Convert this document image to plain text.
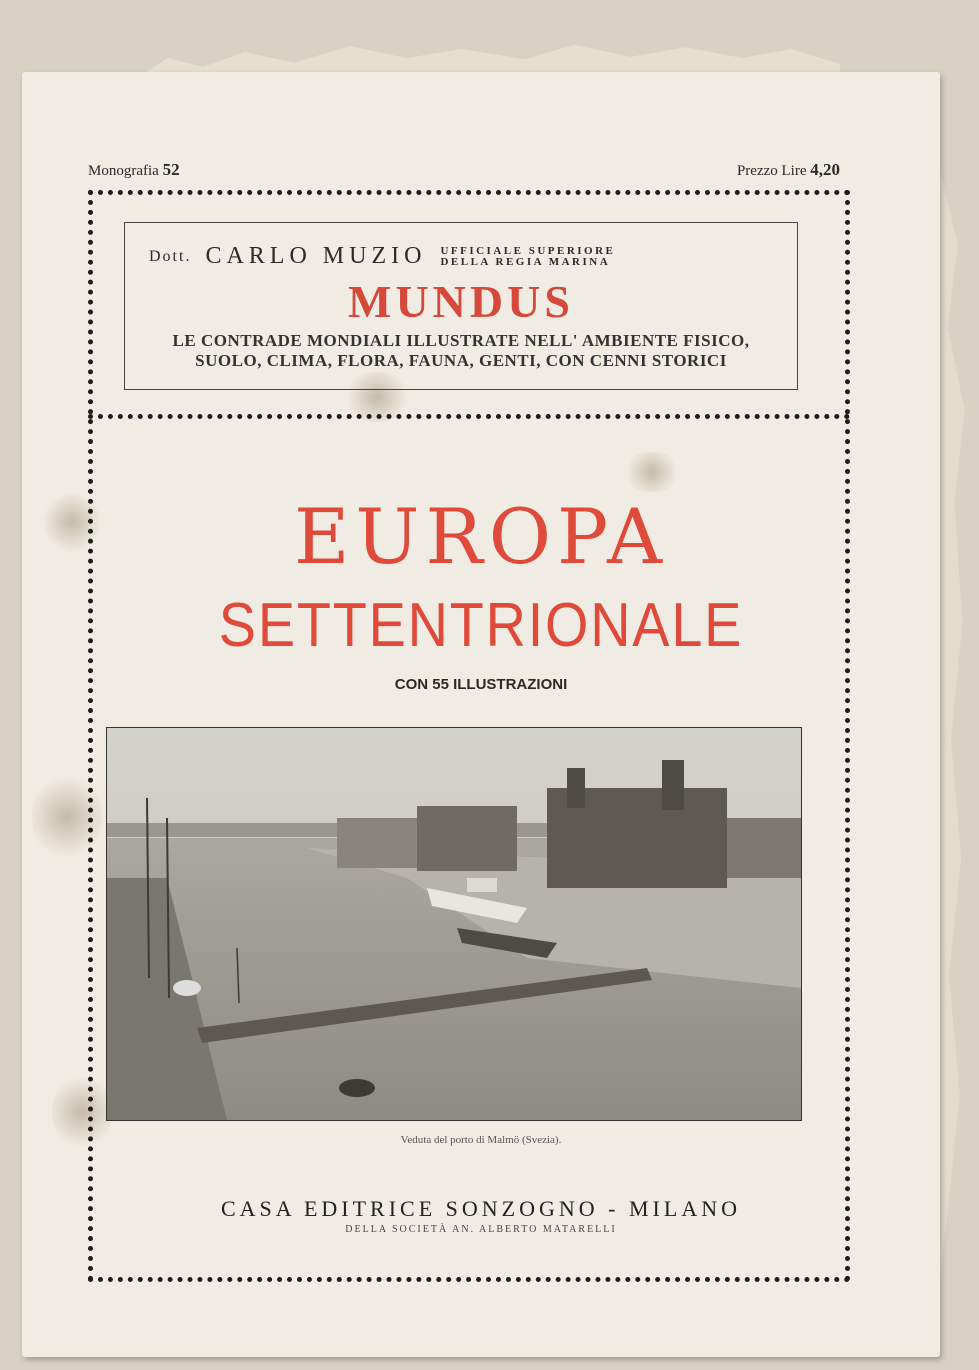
Monografia 52	Prezzo Lire 4,20
Dott. CARLO MUZIO UFFICIALE SUPERIORE
DELLA REGIA MARINA
MUNDUS
LE CONTRADE MONDIALI ILLUSTRATE NELL' AMBIENTE FISICO,
SUOLO, CLIMA, FLORA, FAUNA, GENTI, CON CENNI STORICI
EUROPA
SETTENTRIONALE
CON 55 ILLUSTRAZIONI
Veduta del porto di Malmö (Svezia).
CASA EDITRICE SONZOGNO - MILANO
DELLA SOCIETÀ AN. ALBERTO MATARELLI
